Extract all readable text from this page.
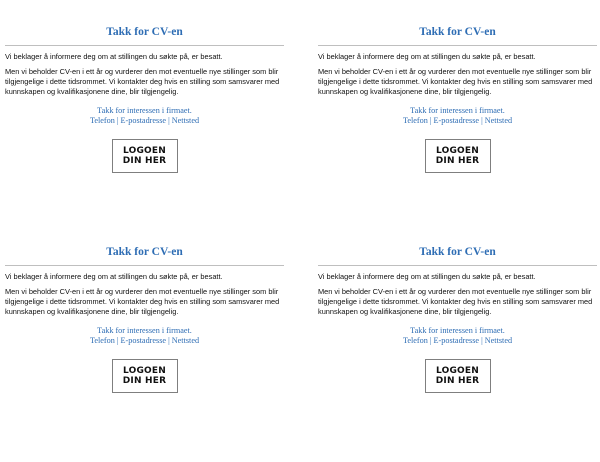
Takk for CV-en

Vi beklager å informere deg om at stillingen du søkte på, er besatt.

Men vi beholder CV-en i ett år og vurderer den mot eventuelle nye stillinger som blir tilgjengelige i dette tidsrommet. Vi kontakter deg hvis en stilling som samsvarer med kunnskapen og kvalifikasjonene dine, blir tilgjengelig.

Takk for interessen i firmaet.
Telefon | E-postadresse | Nettsted
LOGOEN
DIN HER
Takk for CV-en

Vi beklager å informere deg om at stillingen du søkte på, er besatt.

Men vi beholder CV-en i ett år og vurderer den mot eventuelle nye stillinger som blir tilgjengelige i dette tidsrommet. Vi kontakter deg hvis en stilling som samsvarer med kunnskapen og kvalifikasjonene dine, blir tilgjengelig.

Takk for interessen i firmaet.
Telefon | E-postadresse | Nettsted
LOGOEN
DIN HER
Takk for CV-en

Vi beklager å informere deg om at stillingen du søkte på, er besatt.

Men vi beholder CV-en i ett år og vurderer den mot eventuelle nye stillinger som blir tilgjengelige i dette tidsrommet. Vi kontakter deg hvis en stilling som samsvarer med kunnskapen og kvalifikasjonene dine, blir tilgjengelig.

Takk for interessen i firmaet.
Telefon | E-postadresse | Nettsted
LOGOEN
DIN HER
Takk for CV-en

Vi beklager å informere deg om at stillingen du søkte på, er besatt.

Men vi beholder CV-en i ett år og vurderer den mot eventuelle nye stillinger som blir tilgjengelige i dette tidsrommet. Vi kontakter deg hvis en stilling som samsvarer med kunnskapen og kvalifikasjonene dine, blir tilgjengelig.

Takk for interessen i firmaet.
Telefon | E-postadresse | Nettsted
LOGOEN
DIN HER
